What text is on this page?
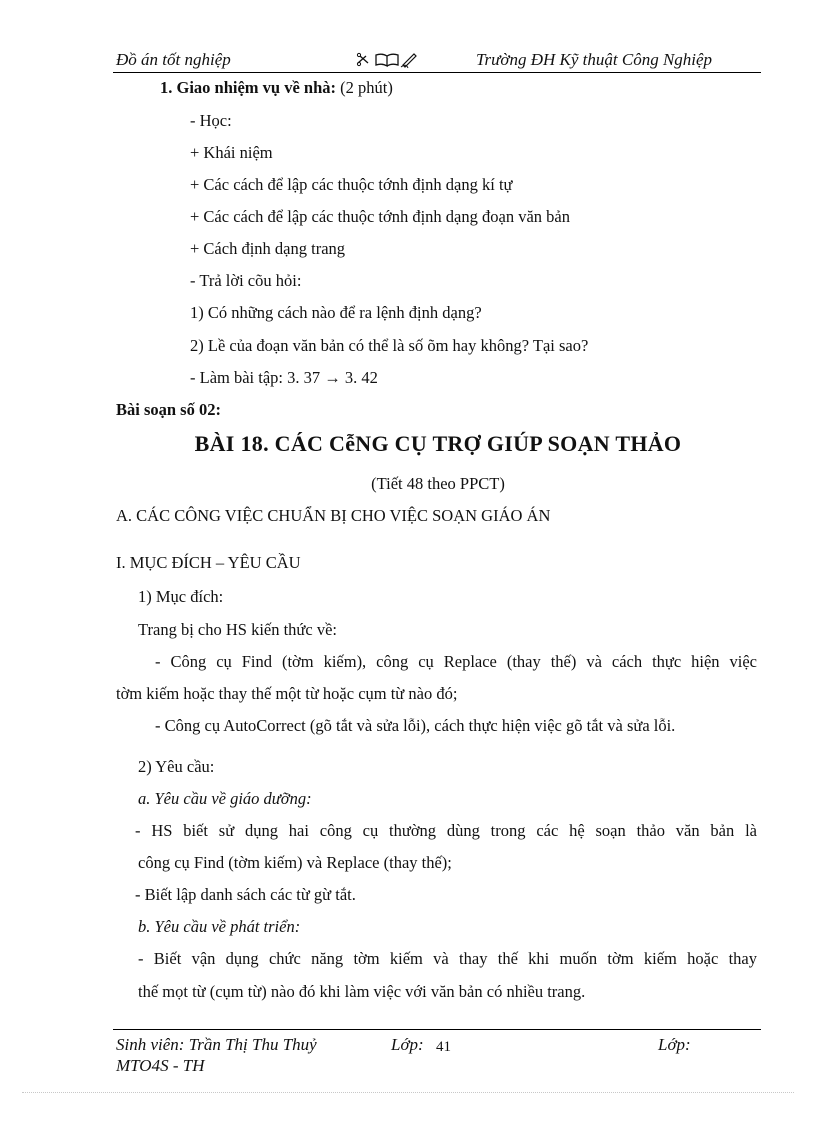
Đồ án tốt nghiệp	Trường ĐH Kỹ thuật Công Nghiệp
1. Giao nhiệm vụ về nhà: (2 phút)
- Học:
+ Khái niệm
+ Các cách để lập các thuộc tớnh định dạng kí tự
+ Các cách để lập các thuộc tớnh định dạng đoạn văn bản
+ Cách định dạng trang
- Trả lời cõu hỏi:
1) Có những cách nào để ra lệnh định dạng?
2) Lề của đoạn văn bản có thể là số õm hay không? Tại sao?
- Làm bài tập: 3. 37 → 3. 42
Bài soạn số 02:
BÀI 18. CÁC CễNG CỤ TRỢ GIÚP SOẠN THẢO
(Tiết 48 theo PPCT)
A. CÁC CÔNG VIỆC CHUẨN BỊ CHO VIỆC SOẠN GIÁO ÁN
I. MỤC ĐÍCH – YÊU CẦU
1) Mục đích:
Trang bị cho HS kiến thức về:
- Công cụ Find (tờm kiếm), công cụ Replace (thay thế) và cách thực hiện việc
tờm kiếm hoặc thay thế một từ hoặc cụm từ nào đó;
- Công cụ AutoCorrect (gõ tắt và sửa lỗi), cách thực hiện việc gõ tắt và sửa lỗi.
2) Yêu cầu:
a. Yêu cầu về giáo dưỡng:
- HS biết sử dụng hai công cụ thường dùng trong các hệ soạn thảo văn bản là
công cụ Find (tờm kiếm) và Replace (thay thế);
- Biết lập danh sách các từ gừ tắt.
b. Yêu cầu về phát triển:
- Biết vận dụng chức năng tờm kiếm và thay thế khi muốn tờm kiếm hoặc thay
thế mọt từ (cụm từ) nào đó khi làm việc với văn bản có nhiều trang.
Sinh viên: Trần Thị Thu Thuỷ	Lớp: 41	Lớp:
MTO4S - TH
